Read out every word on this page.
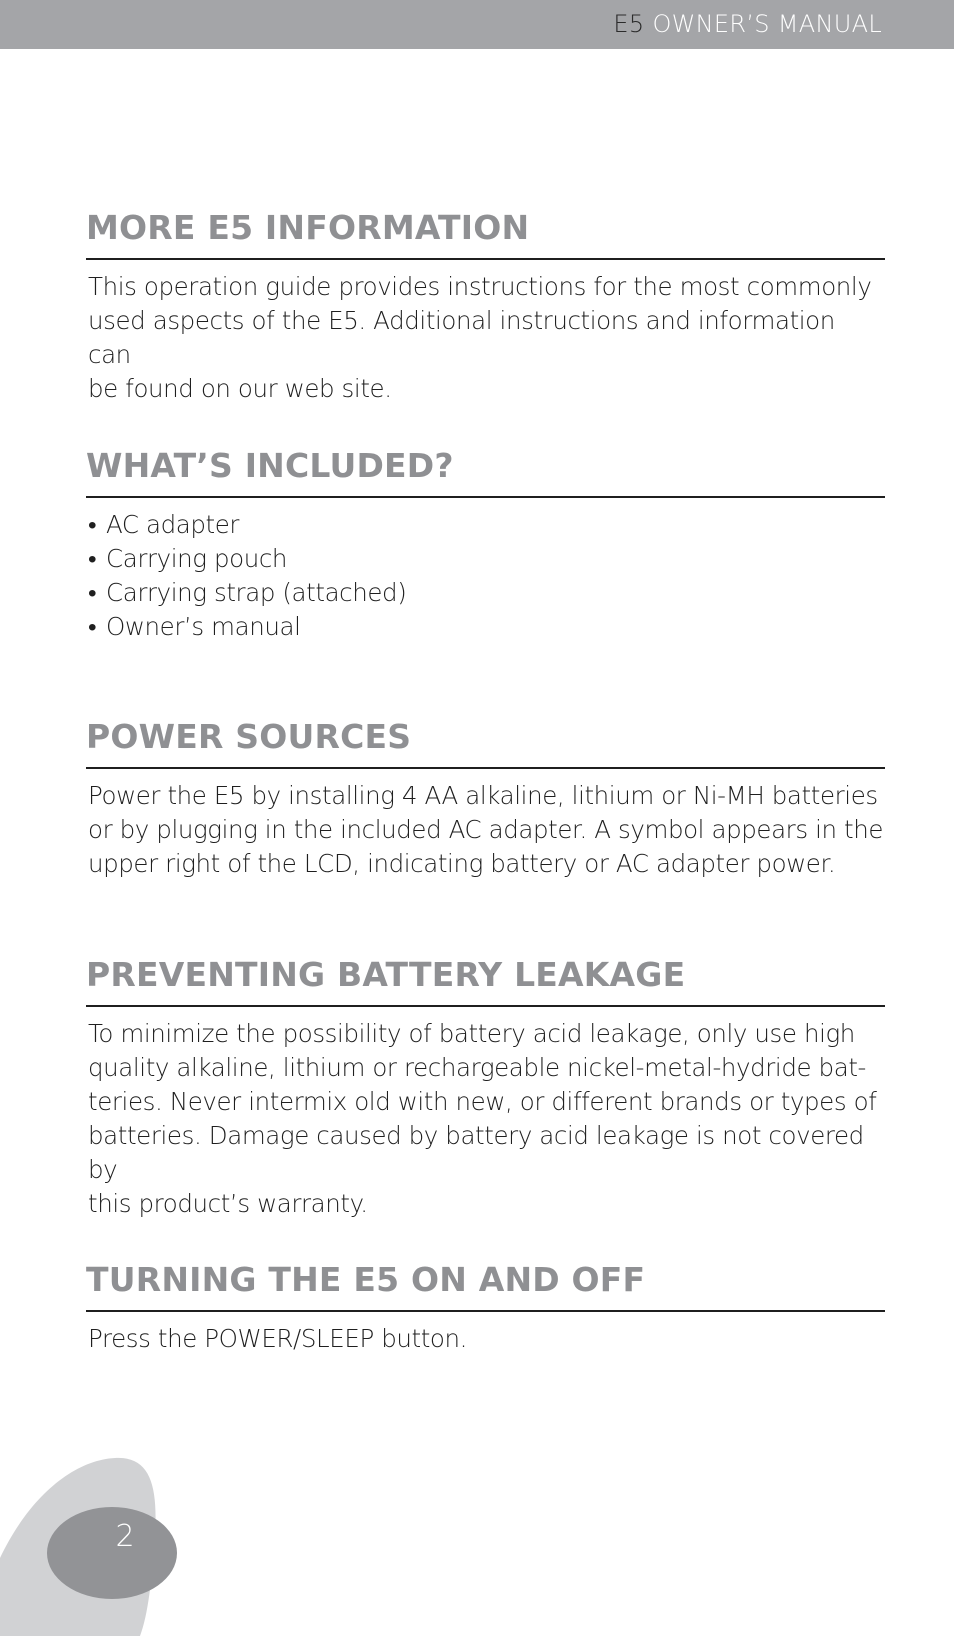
E5 OWNER’S MANUAL
MORE E5 INFORMATION
This operation guide provides instructions for the most commonly
used aspects of the E5. Additional instructions and information can
be found on our web site.
WHAT’S INCLUDED?
• AC adapter
• Carrying pouch
• Carrying strap (attached)
• Owner’s manual
POWER SOURCES
Power the E5 by installing 4 AA alkaline, lithium or Ni-MH batteries
or by plugging in the included AC adapter. A symbol appears in the
upper right of the LCD, indicating battery or AC adapter power.
PREVENTING BATTERY LEAKAGE
To minimize the possibility of battery acid leakage, only use high
quality alkaline, lithium or rechargeable nickel-metal-hydride bat-
teries. Never intermix old with new, or different brands or types of
batteries. Damage caused by battery acid leakage is not covered by
this product’s warranty.
TURNING THE E5 ON AND OFF
Press the POWER/SLEEP button.
2
